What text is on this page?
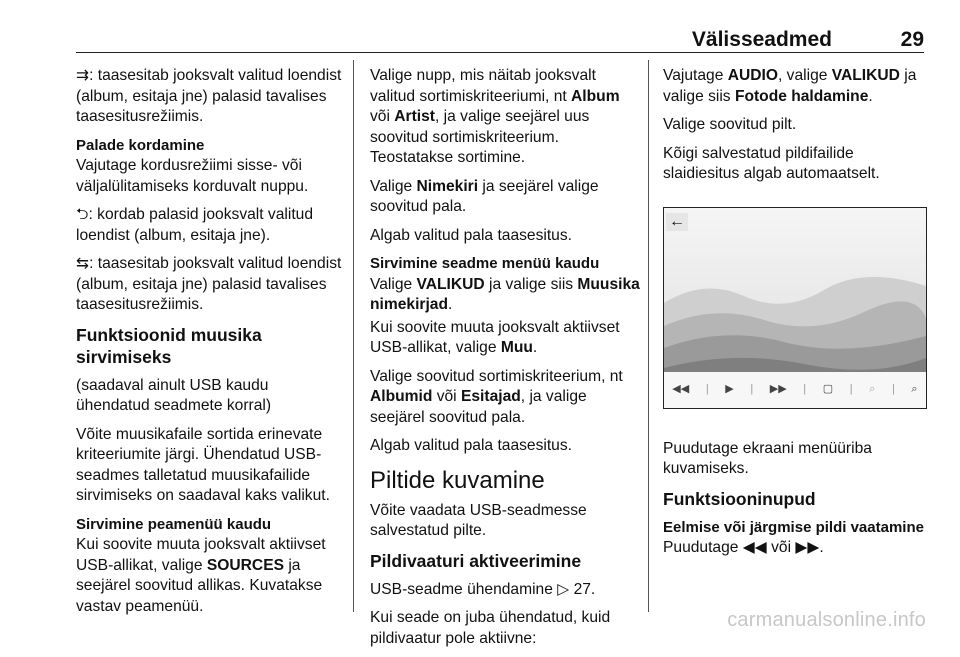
Välisseadmed	29

⇉: taasesitab jooksvalt valitud loendist (album, esitaja jne) palasid tavalises taasesitusrežiimis.

Palade kordamine

Vajutage kordusrežiimi sisse- või väljalülitamiseks korduvalt nuppu.

⮌: kordab palasid jooksvalt valitud loendist (album, esitaja jne).

⇆: taasesitab jooksvalt valitud loendist (album, esitaja jne) palasid tavalises taasesitusrežiimis.

Funktsioonid muusika sirvimiseks

(saadaval ainult USB kaudu ühendatud seadmete korral)

Võite muusikafaile sortida erinevate kriteeriumite järgi. Ühendatud USB-seadmes talletatud muusikafailide sirvimiseks on saadaval kaks valikut.

Sirvimine peamenüü kaudu

Kui soovite muuta jooksvalt aktiivset USB-allikat, valige SOURCES ja seejärel soovitud allikas. Kuvatakse vastav peamenüü.

Valige nupp, mis näitab jooksvalt valitud sortimiskriteeriumi, nt Album või Artist, ja valige seejärel uus soovitud sortimiskriteerium. Teostatakse sortimine.

Valige Nimekiri ja seejärel valige soovitud pala.

Algab valitud pala taasesitus.

Sirvimine seadme menüü kaudu

Valige VALIKUD ja valige siis Muusika nimekirjad.

Kui soovite muuta jooksvalt aktiivset USB-allikat, valige Muu.

Valige soovitud sortimiskriteerium, nt Albumid või Esitajad, ja valige seejärel soovitud pala.

Algab valitud pala taasesitus.

Piltide kuvamine

Võite vaadata USB-seadmesse salvestatud pilte.

Pildivaaturi aktiveerimine

USB-seadme ühendamine ▷ 27.

Kui seade on juba ühendatud, kuid pildivaatur pole aktiivne:

Vajutage AUDIO, valige VALIKUD ja valige siis Fotode haldamine.

Valige soovitud pilt.

Kõigi salvestatud pildifailide slaidiesitus algab automaatselt.

←
◀◀ | ▶ | ▶▶ | ▢ | ⌕ | ⌕

Puudutage ekraani menüüriba kuvamiseks.

Funktsiooninupud

Eelmise või järgmise pildi vaatamine

Puudutage ◀◀ või ▶▶.

carmanualsonline.info
